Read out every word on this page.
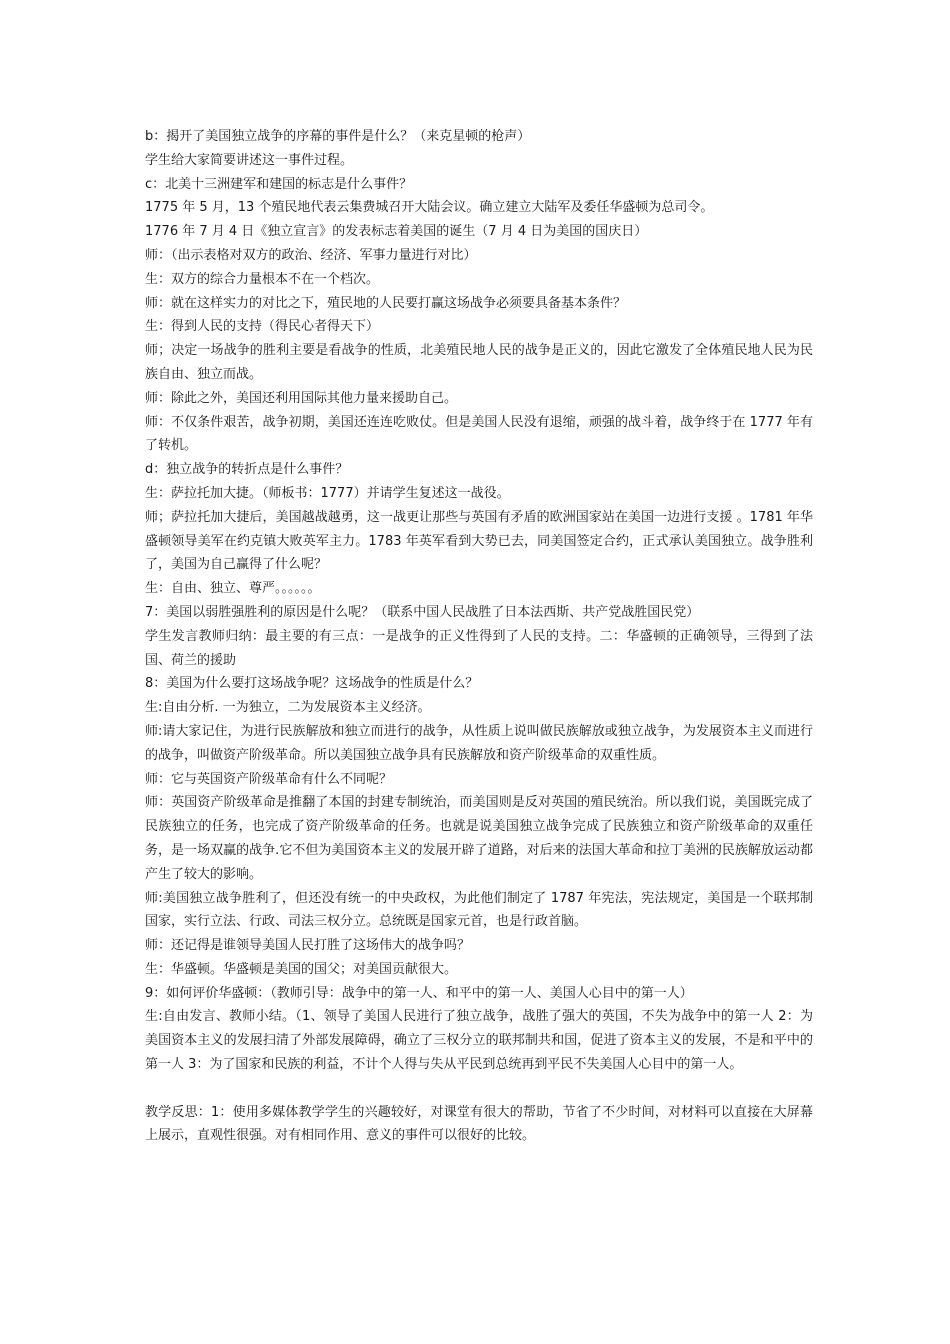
b：揭开了美国独立战争的序幕的事件是什么？（来克星顿的枪声）
学生给大家简要讲述这一事件过程。
c：北美十三洲建军和建国的标志是什么事件？
1775 年 5 月，13 个殖民地代表云集费城召开大陆会议。确立建立大陆军及委任华盛顿为总司令。
1776 年 7 月 4 日《独立宣言》的发表标志着美国的诞生（7 月 4 日为美国的国庆日）
师：（出示表格对双方的政治、经济、军事力量进行对比）
生：双方的综合力量根本不在一个档次。
师：就在这样实力的对比之下，殖民地的人民要打赢这场战争必须要具备基本条件？
生：得到人民的支持（得民心者得天下）
师；决定一场战争的胜利主要是看战争的性质，北美殖民地人民的战争是正义的，因此它激发了全体殖民地人民为民族自由、独立而战。
师：除此之外，美国还利用国际其他力量来援助自己。
师：不仅条件艰苦，战争初期，美国还连连吃败仗。但是美国人民没有退缩，顽强的战斗着，战争终于在 1777 年有了转机。
d：独立战争的转折点是什么事件？
生：萨拉托加大捷。（师板书：1777）并请学生复述这一战役。
师；萨拉托加大捷后，美国越战越勇，这一战更让那些与英国有矛盾的欧洲国家站在美国一边进行支援 。1781 年华盛顿领导美军在约克镇大败英军主力。1783 年英军看到大势已去，同美国签定合约，正式承认美国独立。战争胜利了，美国为自己赢得了什么呢？
生：自由、独立、尊严。。。。。。
7：美国以弱胜强胜利的原因是什么呢？（联系中国人民战胜了日本法西斯、共产党战胜国民党）
学生发言教师归纳：最主要的有三点：一是战争的正义性得到了人民的支持。二：华盛顿的正确领导，三得到了法国、荷兰的援助
8：美国为什么要打这场战争呢？这场战争的性质是什么？
生:自由分析. 一为独立，二为发展资本主义经济。
师:请大家记住，为进行民族解放和独立而进行的战争，从性质上说叫做民族解放或独立战争，为发展资本主义而进行的战争，叫做资产阶级革命。所以美国独立战争具有民族解放和资产阶级革命的双重性质。
师：它与英国资产阶级革命有什么不同呢？
师：英国资产阶级革命是推翻了本国的封建专制统治，而美国则是反对英国的殖民统治。所以我们说，美国既完成了民族独立的任务，也完成了资产阶级革命的任务。也就是说美国独立战争完成了民族独立和资产阶级革命的双重任务，是一场双赢的战争.它不但为美国资本主义的发展开辟了道路，对后来的法国大革命和拉丁美洲的民族解放运动都产生了较大的影响。
师:美国独立战争胜利了，但还没有统一的中央政权，为此他们制定了 1787 年宪法，宪法规定，美国是一个联邦制国家，实行立法、行政、司法三权分立。总统既是国家元首，也是行政首脑。
师：还记得是谁领导美国人民打胜了这场伟大的战争吗？
生：华盛顿。华盛顿是美国的国父；对美国贡献很大。
9：如何评价华盛顿：（教师引导：战争中的第一人、和平中的第一人、美国人心目中的第一人）
生:自由发言、教师小结。（1、领导了美国人民进行了独立战争，战胜了强大的英国，不失为战争中的第一人 2：为美国资本主义的发展扫清了外部发展障碍，确立了三权分立的联邦制共和国，促进了资本主义的发展，不是和平中的第一人 3：为了国家和民族的利益，不计个人得与失从平民到总统再到平民不失美国人心目中的第一人。
教学反思：1：使用多媒体教学学生的兴趣较好，对课堂有很大的帮助，节省了不少时间，对材料可以直接在大屏幕上展示，直观性很强。对有相同作用、意义的事件可以很好的比较。
